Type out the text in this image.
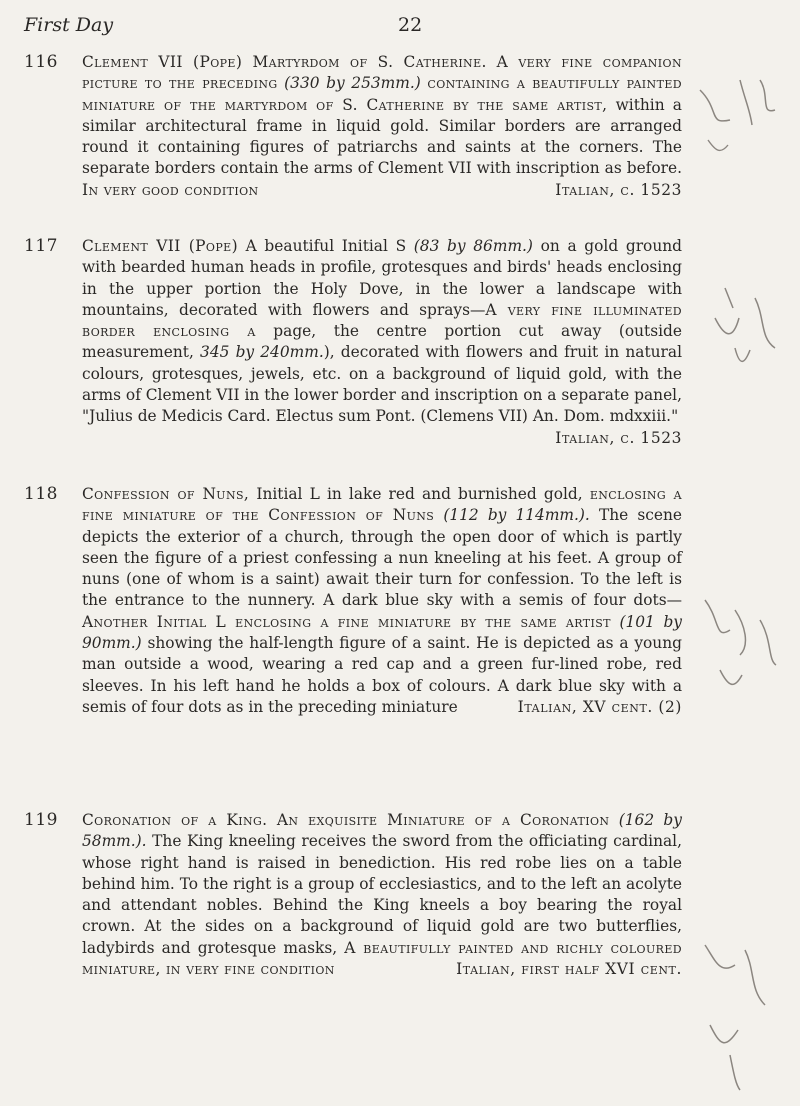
First Day	22
116	Clement VII (Pope) Martyrdom of S. Catherine. A very fine companion picture to the preceding (330 by 253mm.) containing a beautifully painted miniature of the martyrdom of S. Catherine by the same artist, within a similar architectural frame in liquid gold. Similar borders are arranged round it containing figures of patriarchs and saints at the corners. The separate borders contain the arms of Clement VII with inscription as before. In very good condition	Italian, c. 1523
117	Clement VII (Pope) A beautiful Initial S (83 by 86mm.) on a gold ground with bearded human heads in profile, grotesques and birds' heads enclosing in the upper portion the Holy Dove, in the lower a landscape with mountains, decorated with flowers and sprays—A very fine illuminated border enclosing a page, the centre portion cut away (outside measurement, 345 by 240mm.), decorated with flowers and fruit in natural colours, grotesques, jewels, etc. on a background of liquid gold, with the arms of Clement VII in the lower border and inscription on a separate panel, "Julius de Medicis Card. Electus sum Pont. (Clemens VII) An. Dom. mdxxiii."
Italian, c. 1523
118	Confession of Nuns, Initial L in lake red and burnished gold, enclosing a fine miniature of the Confession of Nuns (112 by 114mm.). The scene depicts the exterior of a church, through the open door of which is partly seen the figure of a priest confessing a nun kneeling at his feet. A group of nuns (one of whom is a saint) await their turn for confession. To the left is the entrance to the nunnery. A dark blue sky with a semis of four dots—Another Initial L enclosing a fine miniature by the same artist (101 by 90mm.) showing the half-length figure of a saint. He is depicted as a young man outside a wood, wearing a red cap and a green fur-lined robe, red sleeves. In his left hand he holds a box of colours. A dark blue sky with a semis of four dots as in the preceding miniature	Italian, XV cent. (2)
119	Coronation of a King. An exquisite Miniature of a Coronation (162 by 58mm.). The King kneeling receives the sword from the officiating cardinal, whose right hand is raised in benediction. His red robe lies on a table behind him. To the right is a group of ecclesiastics, and to the left an acolyte and attendant nobles. Behind the King kneels a boy bearing the royal crown. At the sides on a background of liquid gold are two butterflies, ladybirds and grotesque masks, A beautifully painted and richly coloured miniature, in very fine condition	Italian, first half XVI cent.
